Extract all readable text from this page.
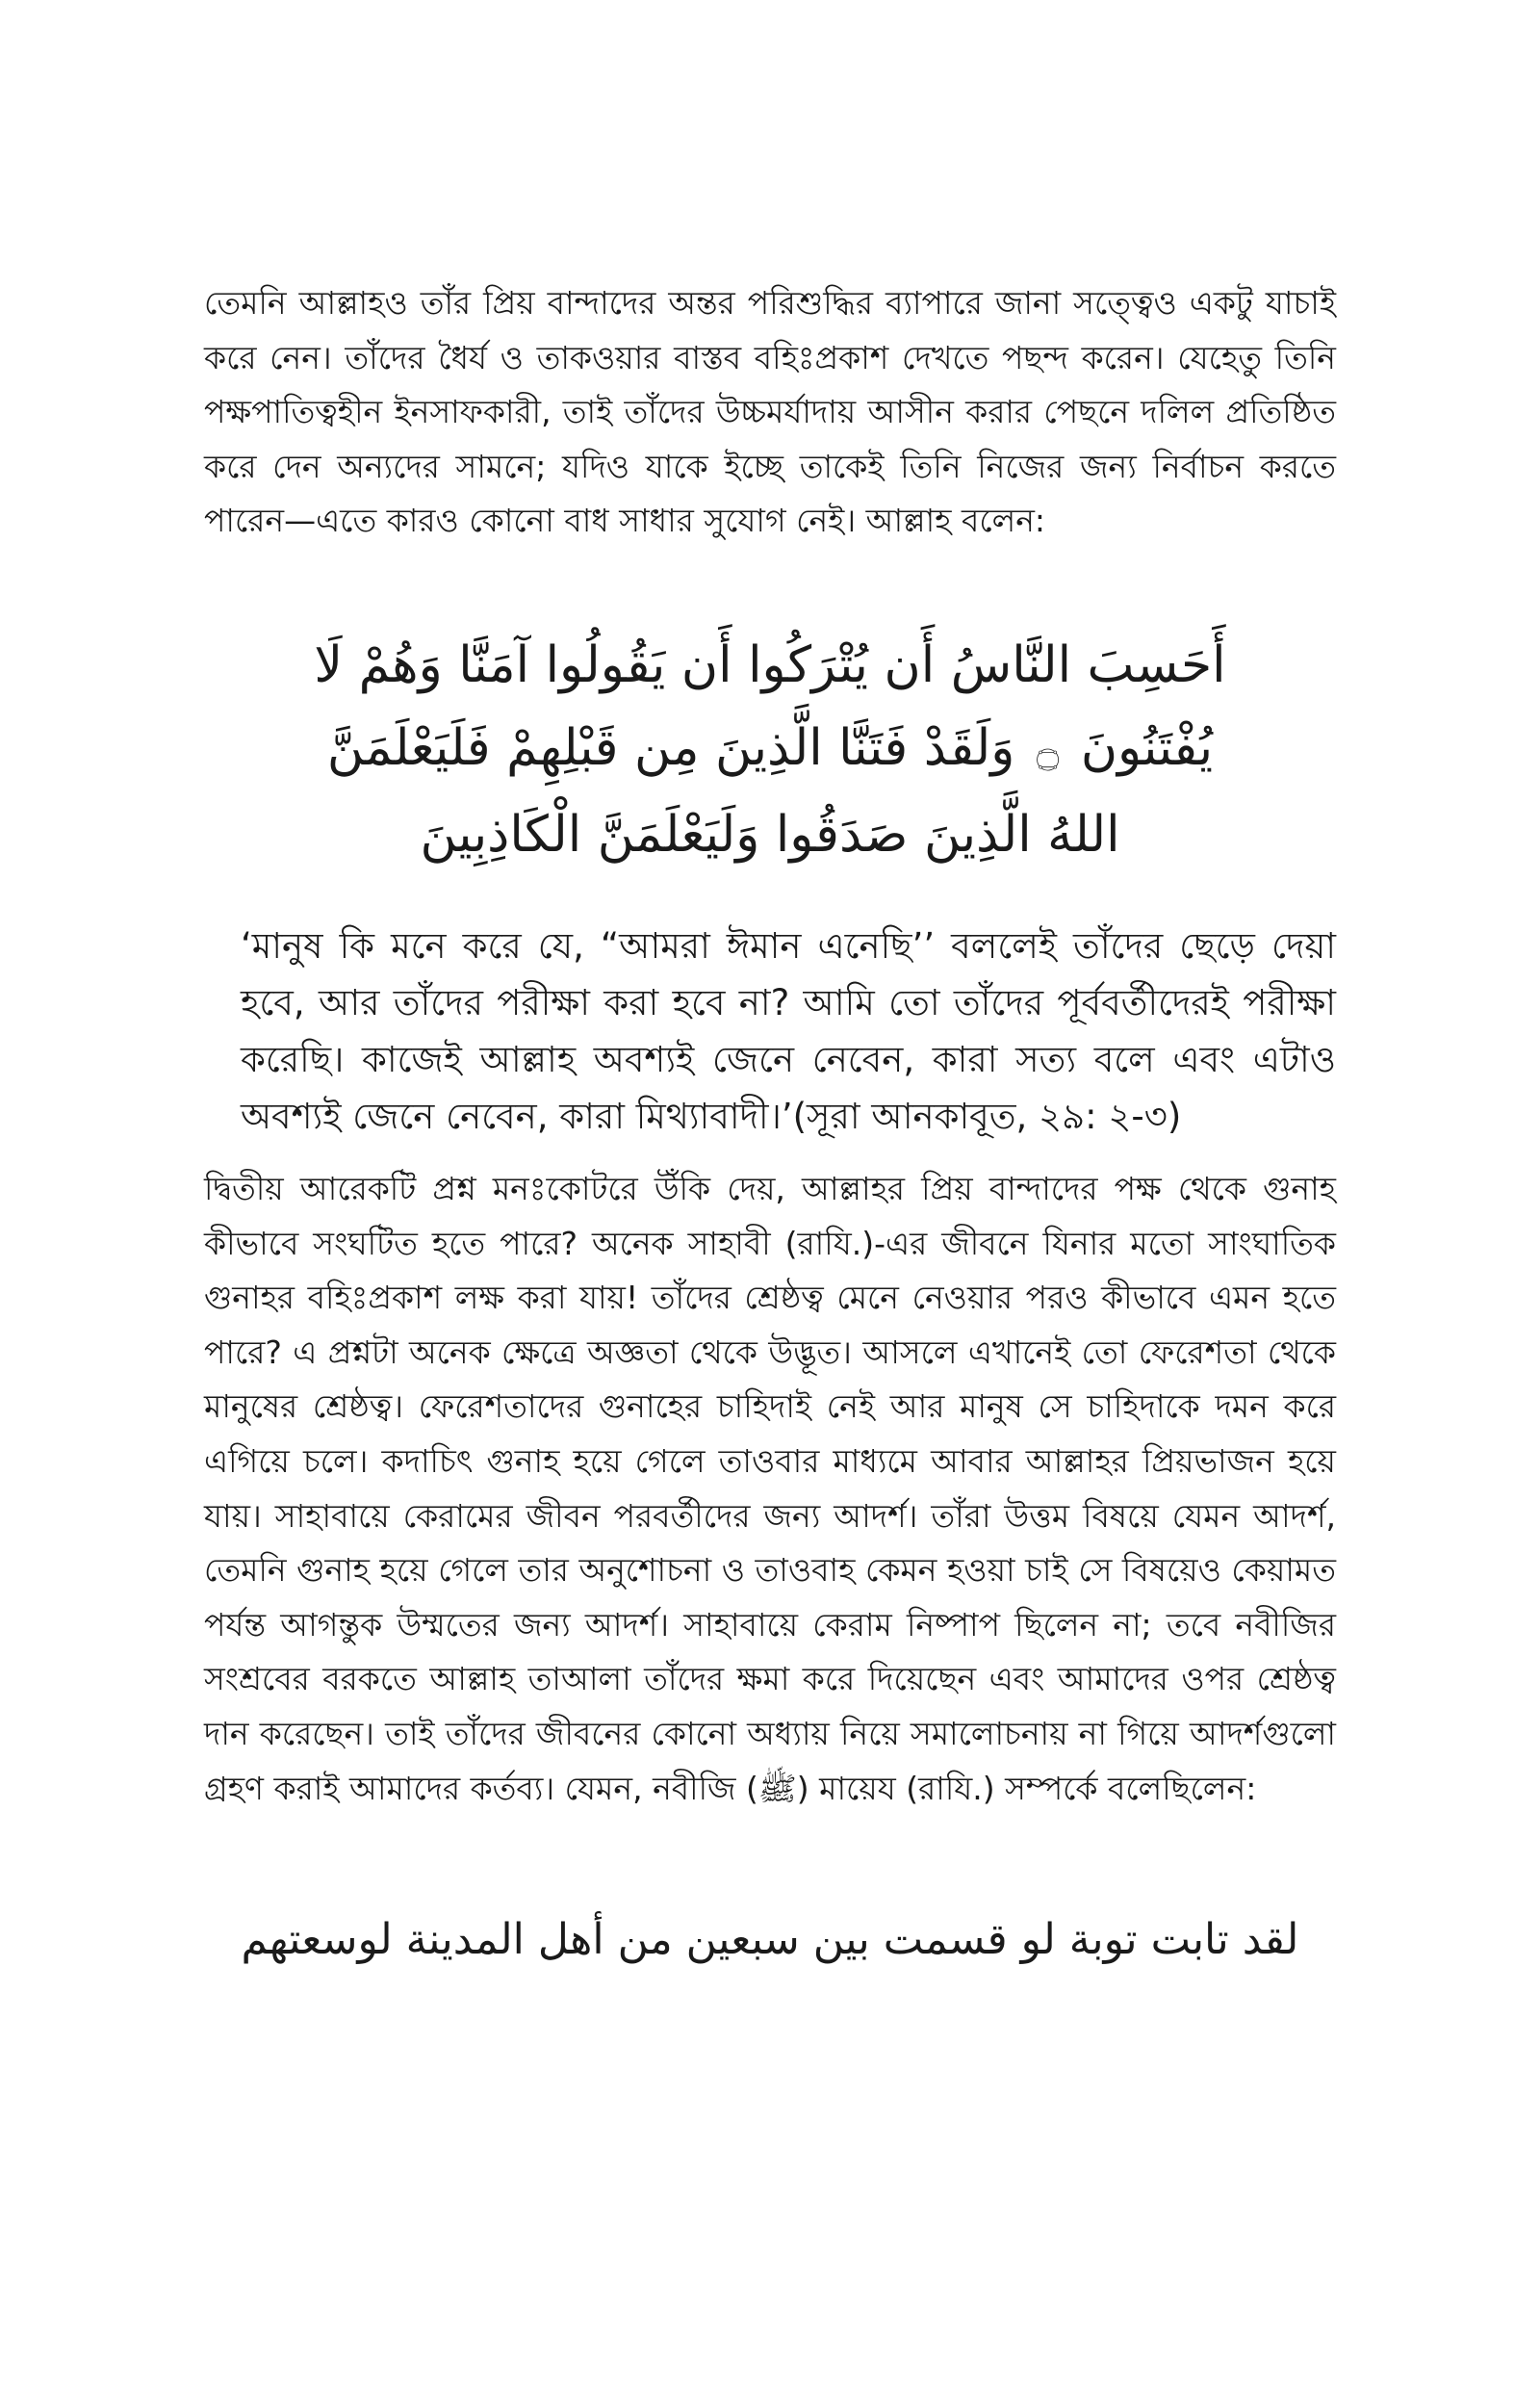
তেমনি আল্লাহও তাঁর প্রিয় বান্দাদের অন্তর পরিশুদ্ধির ব্যাপারে জানা সত্ত্বেও একটু যাচাই করে নেন। তাঁদের ধৈর্য ও তাকওয়ার বাস্তব বহিঃপ্রকাশ দেখতে পছন্দ করেন। যেহেতু তিনি পক্ষপাতিত্বহীন ইনসাফকারী, তাই তাঁদের উচ্চমর্যাদায় আসীন করার পেছনে দলিল প্রতিষ্ঠিত করে দেন অন্যদের সামনে; যদিও যাকে ইচ্ছে তাকেই তিনি নিজের জন্য নির্বাচন করতে পারেন—এতে কারও কোনো বাধ সাধার সুযোগ নেই। আল্লাহ বলেন:

أَحَسِبَ النَّاسُ أَن يُتْرَكُوا أَن يَقُولُوا آمَنَّا وَهُمْ لَا يُفْتَنُونَ ۝ وَلَقَدْ فَتَنَّا الَّذِينَ مِن قَبْلِهِمْ فَلَيَعْلَمَنَّ اللهُ الَّذِينَ صَدَقُوا وَلَيَعْلَمَنَّ الْكَاذِبِينَ

‘মানুষ কি মনে করে যে, “আমরা ঈমান এনেছি’’ বললেই তাঁদের ছেড়ে দেয়া হবে, আর তাঁদের পরীক্ষা করা হবে না? আমি তো তাঁদের পূর্ববর্তীদেরই পরীক্ষা করেছি। কাজেই আল্লাহ অবশ্যই জেনে নেবেন, কারা সত্য বলে এবং এটাও অবশ্যই জেনে নেবেন, কারা মিথ্যাবাদী।’(সূরা আনকাবূত, ২৯: ২-৩)

দ্বিতীয় আরেকটি প্রশ্ন মনঃকোটরে উঁকি দেয়, আল্লাহর প্রিয় বান্দাদের পক্ষ থেকে গুনাহ কীভাবে সংঘটিত হতে পারে? অনেক সাহাবী (রাযি.)-এর জীবনে যিনার মতো সাংঘাতিক গুনাহর বহিঃপ্রকাশ লক্ষ করা যায়! তাঁদের শ্রেষ্ঠত্ব মেনে নেওয়ার পরও কীভাবে এমন হতে পারে? এ প্রশ্নটা অনেক ক্ষেত্রে অজ্ঞতা থেকে উদ্ভূত। আসলে এখানেই তো ফেরেশতা থেকে মানুষের শ্রেষ্ঠত্ব। ফেরেশতাদের গুনাহের চাহিদাই নেই আর মানুষ সে চাহিদাকে দমন করে এগিয়ে চলে। কদাচিৎ গুনাহ হয়ে গেলে তাওবার মাধ্যমে আবার আল্লাহর প্রিয়ভাজন হয়ে যায়। সাহাবায়ে কেরামের জীবন পরবর্তীদের জন্য আদর্শ। তাঁরা উত্তম বিষয়ে যেমন আদর্শ, তেমনি গুনাহ হয়ে গেলে তার অনুশোচনা ও তাওবাহ কেমন হওয়া চাই সে বিষয়েও কেয়ামত পর্যন্ত আগন্তুক উম্মতের জন্য আদর্শ। সাহাবায়ে কেরাম নিষ্পাপ ছিলেন না; তবে নবীজির সংশ্রবের বরকতে আল্লাহ তাআলা তাঁদের ক্ষমা করে দিয়েছেন এবং আমাদের ওপর শ্রেষ্ঠত্ব দান করেছেন। তাই তাঁদের জীবনের কোনো অধ্যায় নিয়ে সমালোচনায় না গিয়ে আদর্শগুলো গ্রহণ করাই আমাদের কর্তব্য। যেমন, নবীজি (ﷺ) মায়েয (রাযি.) সম্পর্কে বলেছিলেন:

لقد تابت توبة لو قسمت بين سبعين من أهل المدينة لوسعتهم
